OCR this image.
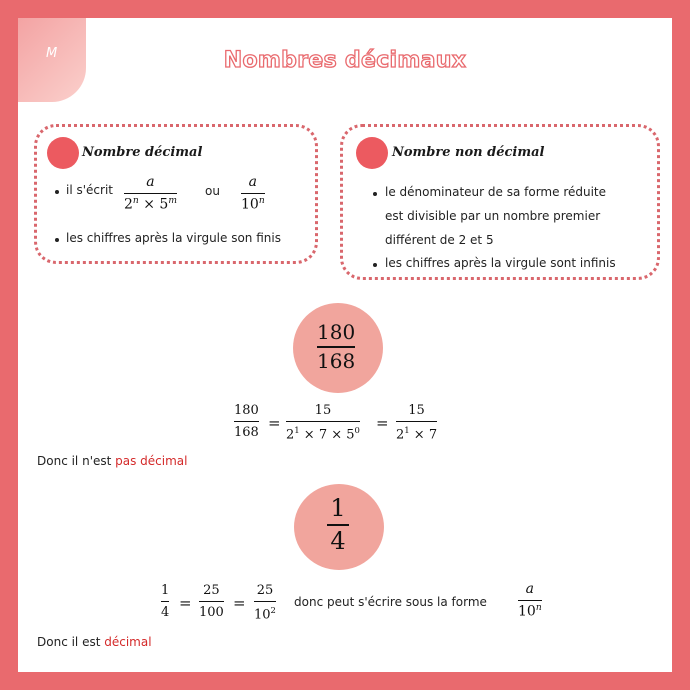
M	Nombres décimaux
Nombre décimal
il s'écrit a
$2^n \times 5^m$
ou
a
10$^n$
les chiffres après la virgule son finis
Nombre non décimal
le dénominateur de sa forme réduite
est divisible par un nombre premier
différent de 2 et 5
les chiffres après la virgule sont infinis
180
168
180
168
=
15
$2^1 \times 7 \times 5^0$ =
15
$2^1 \times 7$
Donc il n'est pas décimal
1
4
1
4
=
25
100
=
25
$10^2$
donc peut s'écrire sous la forme
a
10$^n$
Donc il est décimal
